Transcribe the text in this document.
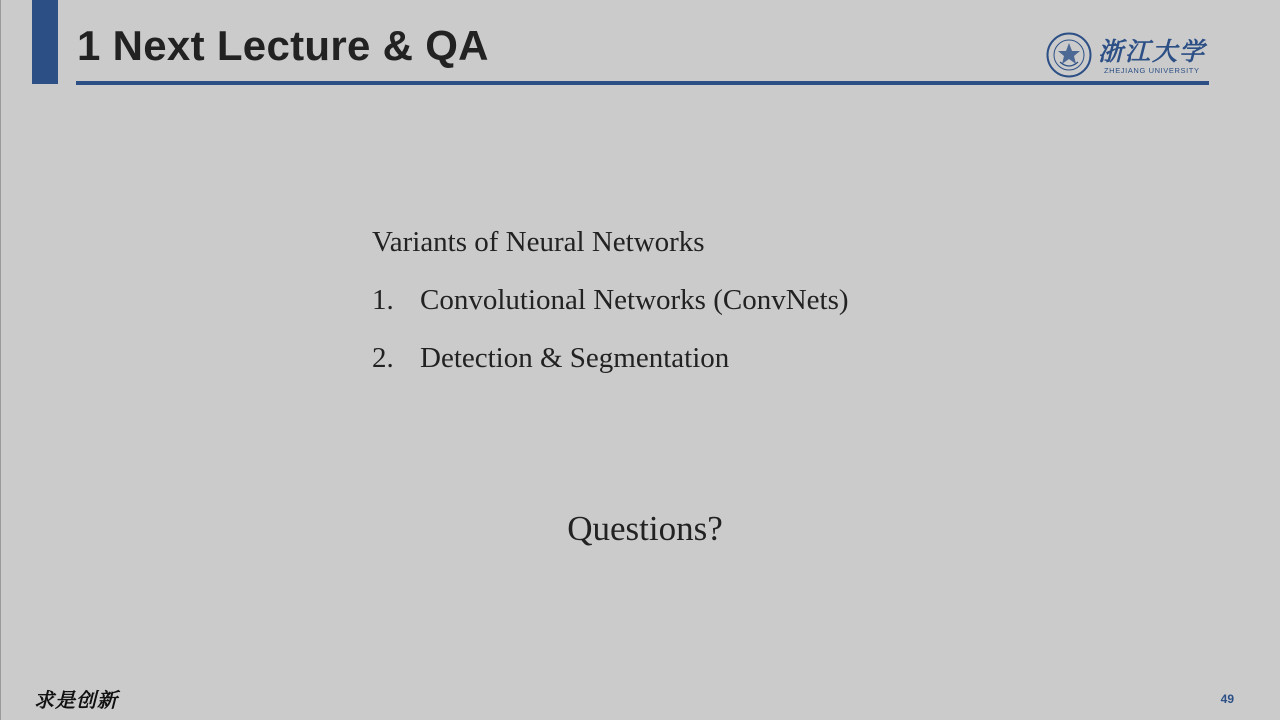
1 Next Lecture & QA	浙江大学
ZHEJIANG UNIVERSITY

Variants of Neural Networks

1. Convolutional Networks (ConvNets)
2. Detection & Segmentation
Questions?
求是创新	49
